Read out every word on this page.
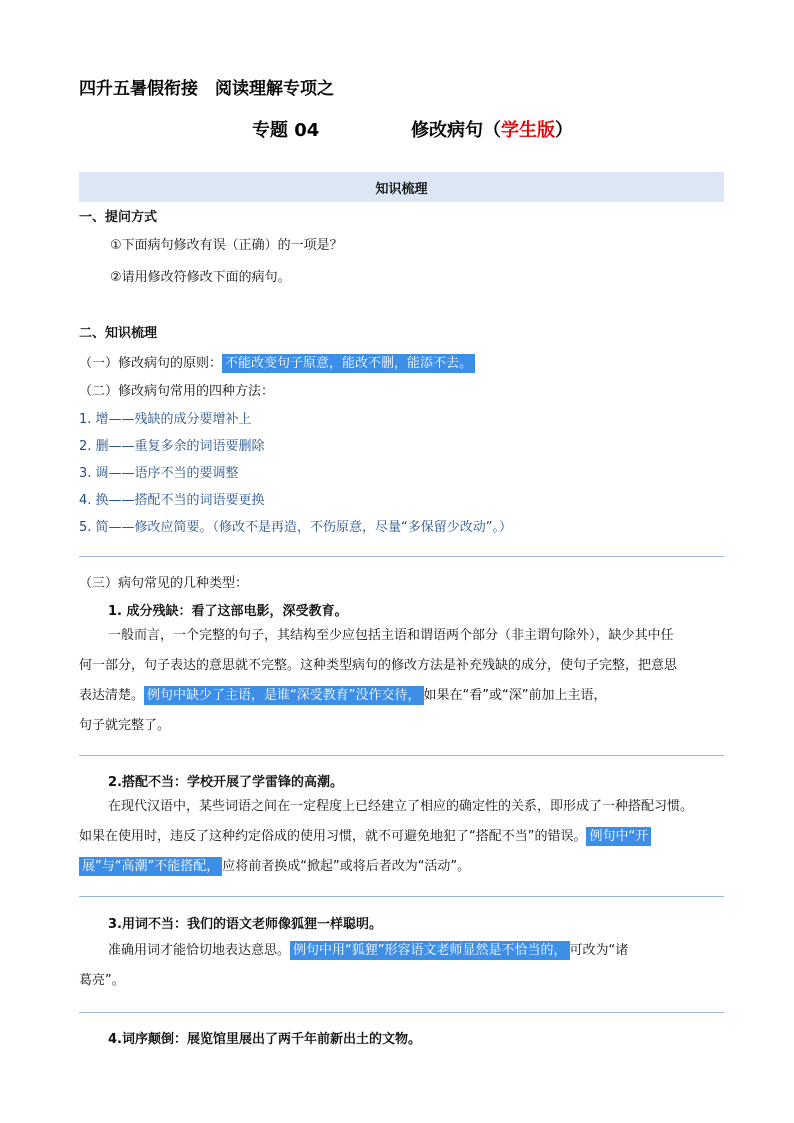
四升五暑假衔接　阅读理解专项之
专题 04	修改病句（学生版）
知识梳理
一、提问方式
①下面病句修改有误（正确）的一项是？
②请用修改符修改下面的病句。
二、知识梳理
（一）修改病句的原则： 不能改变句子原意，能改不删，能添不去。
（二）修改病句常用的四种方法：
1. 增——残缺的成分要增补上
2. 删——重复多余的词语要删除
3. 调——语序不当的要调整
4. 换——搭配不当的词语要更换
5. 简——修改应简要。（修改不是再造，不伤原意，尽量“多保留少改动”。）
（三）病句常见的几种类型：
1. 成分残缺：看了这部电影，深受教育。
一般而言，一个完整的句子，其结构至少应包括主语和谓语两个部分（非主谓句除外），缺少其中任
何一部分，句子表达的意思就不完整。这种类型病句的修改方法是补充残缺的成分，使句子完整，把意思
表达清楚。 例句中缺少了主语，是谁“深受教育”没作交待， 如果在“看”或“深”前加上主语，
句子就完整了。
2.搭配不当：学校开展了学雷锋的高潮。
在现代汉语中，某些词语之间在一定程度上已经建立了相应的确定性的关系，即形成了一种搭配习惯。
如果在使用时，违反了这种约定俗成的使用习惯，就不可避免地犯了“搭配不当”的错误。 例句中“开
展”与“高潮”不能搭配， 应将前者换成“掀起”或将后者改为“活动”。
3.用词不当：我们的语文老师像狐狸一样聪明。
准确用词才能恰切地表达意思。 例句中用“狐狸”形容语文老师显然是不恰当的， 可改为“诸
葛亮”。
4.词序颠倒：展览馆里展出了两千年前新出土的文物。
